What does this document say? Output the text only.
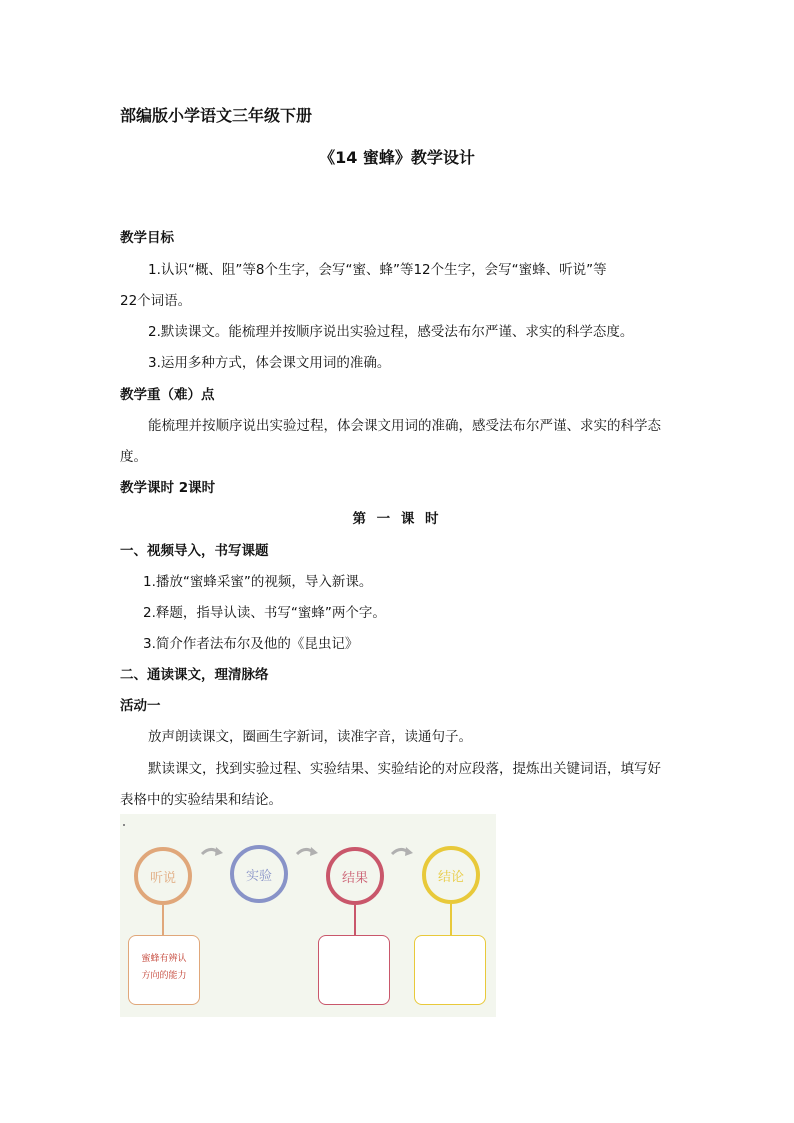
部编版小学语文三年级下册
《14 蜜蜂》教学设计
教学目标
1.认识“概、阻”等8个生字，会写“蜜、蜂”等12个生字，会写“蜜蜂、听说”等
22个词语。
2.默读课文。能梳理并按顺序说出实验过程，感受法布尔严谨、求实的科学态度。
3.运用多种方式，体会课文用词的准确。
教学重（难）点
能梳理并按顺序说出实验过程，体会课文用词的准确，感受法布尔严谨、求实的科学态
度。
教学课时 2课时
第 一 课 时
一、视频导入，书写课题
1.播放“蜜蜂采蜜”的视频，导入新课。
2.释题，指导认读、书写“蜜蜂”两个字。
3.简介作者法布尔及他的《昆虫记》
二、通读课文，理清脉络
活动一
放声朗读课文，圈画生字新词，读准字音，读通句子。
默读课文，找到实验过程、实验结果、实验结论的对应段落，提炼出关键词语，填写好
表格中的实验结果和结论。
听说	实验	结果	结论
蜜蜂有辨认
方向的能力
